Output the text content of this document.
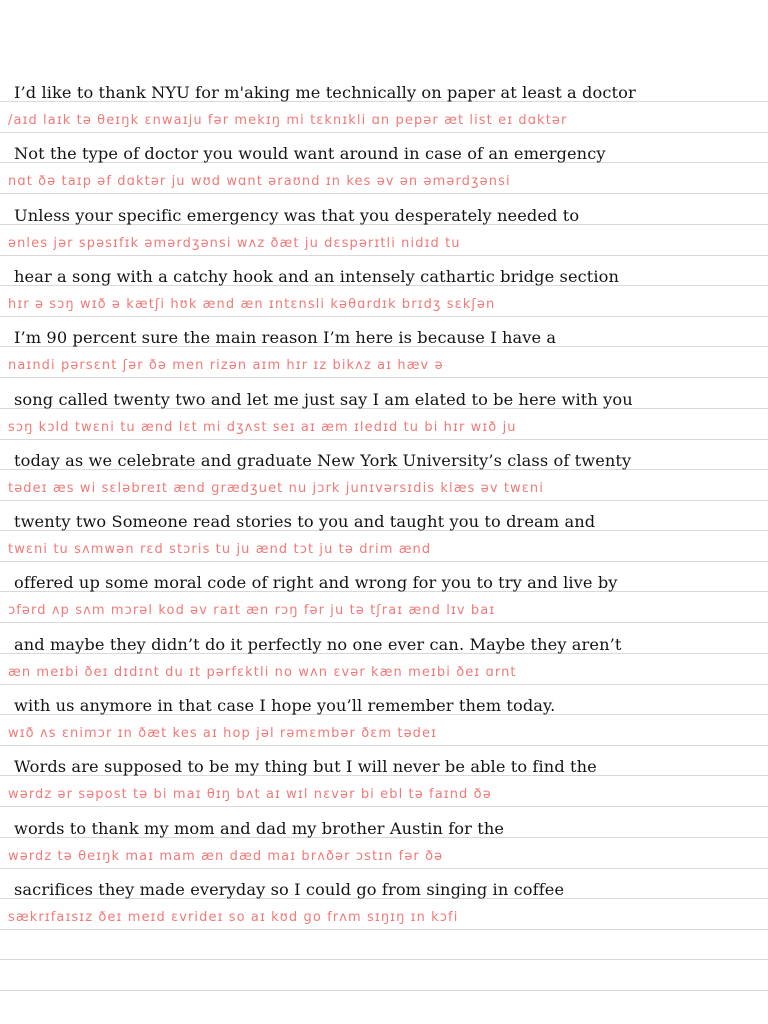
I’d like to thank NYU for m'aking me technically on paper at least a doctor
/aɪd laɪk tə θeɪŋk ɛnwaɪju fər mekɪŋ mi tɛknɪkli ɑn pepər æt list eɪ dɑktər
Not the type of doctor you would want around in case of an emergency
nɑt ðə taɪp əf dɑktər ju wʊd wɑnt əraʊnd ɪn kes əv ən əmərdʒənsi
Unless your specific emergency was that you desperately needed to
ənles jər spəsɪfɪk əmərdʒənsi wʌz ðæt ju dɛspərɪtli nidɪd tu
hear a song with a catchy hook and an intensely cathartic bridge section
hɪr ə sɔŋ wɪð ə kætʃi hʊk ænd æn ɪntɛnsli kəθɑrdɪk brɪdʒ sɛkʃən
I’m 90 percent sure the main reason I’m here is because I have a
naɪndi pərsɛnt ʃər ðə men rizən aɪm hɪr ɪz bikʌz aɪ hæv ə
song called twenty two and let me just say I am elated to be here with you
sɔŋ kɔld twɛni tu ænd lɛt mi dʒʌst seɪ aɪ æm ɪledɪd tu bi hɪr wɪð ju
today as we celebrate and graduate New York University’s class of twenty
tədeɪ æs wi sɛləbreɪt ænd ɡrædʒuet nu jɔrk junɪvərsɪdis klæs əv twɛni
twenty two Someone read stories to you and taught you to dream and
twɛni tu sʌmwən rɛd stɔris tu ju ænd tɔt ju tə drim ænd
offered up some moral code of right and wrong for you to try and live by
ɔfərd ʌp sʌm mɔrəl kod əv raɪt æn rɔŋ fər ju tə tʃraɪ ænd lɪv baɪ
and maybe they didn’t do it perfectly no one ever can. Maybe they aren’t
æn meɪbi ðeɪ dɪdɪnt du ɪt pərfɛktli no wʌn ɛvər kæn meɪbi ðeɪ ɑrnt
with us anymore in that case I hope you’ll remember them today.
wɪð ʌs ɛnimɔr ɪn ðæt kes aɪ hop jəl rəmɛmbər ðɛm tədeɪ
Words are supposed to be my thing but I will never be able to find the
wərdz ər səpost tə bi maɪ θɪŋ bʌt aɪ wɪl nɛvər bi ebl tə faɪnd ðə
words to thank my mom and dad my brother Austin for the
wərdz tə θeɪŋk maɪ mam æn dæd maɪ brʌðər ɔstɪn fər ðə
sacrifices they made everyday so I could go from singing in coffee
sækrɪfaɪsɪz ðeɪ meɪd ɛvrideɪ so aɪ kʊd ɡo frʌm sɪŋɪŋ ɪn kɔfi
